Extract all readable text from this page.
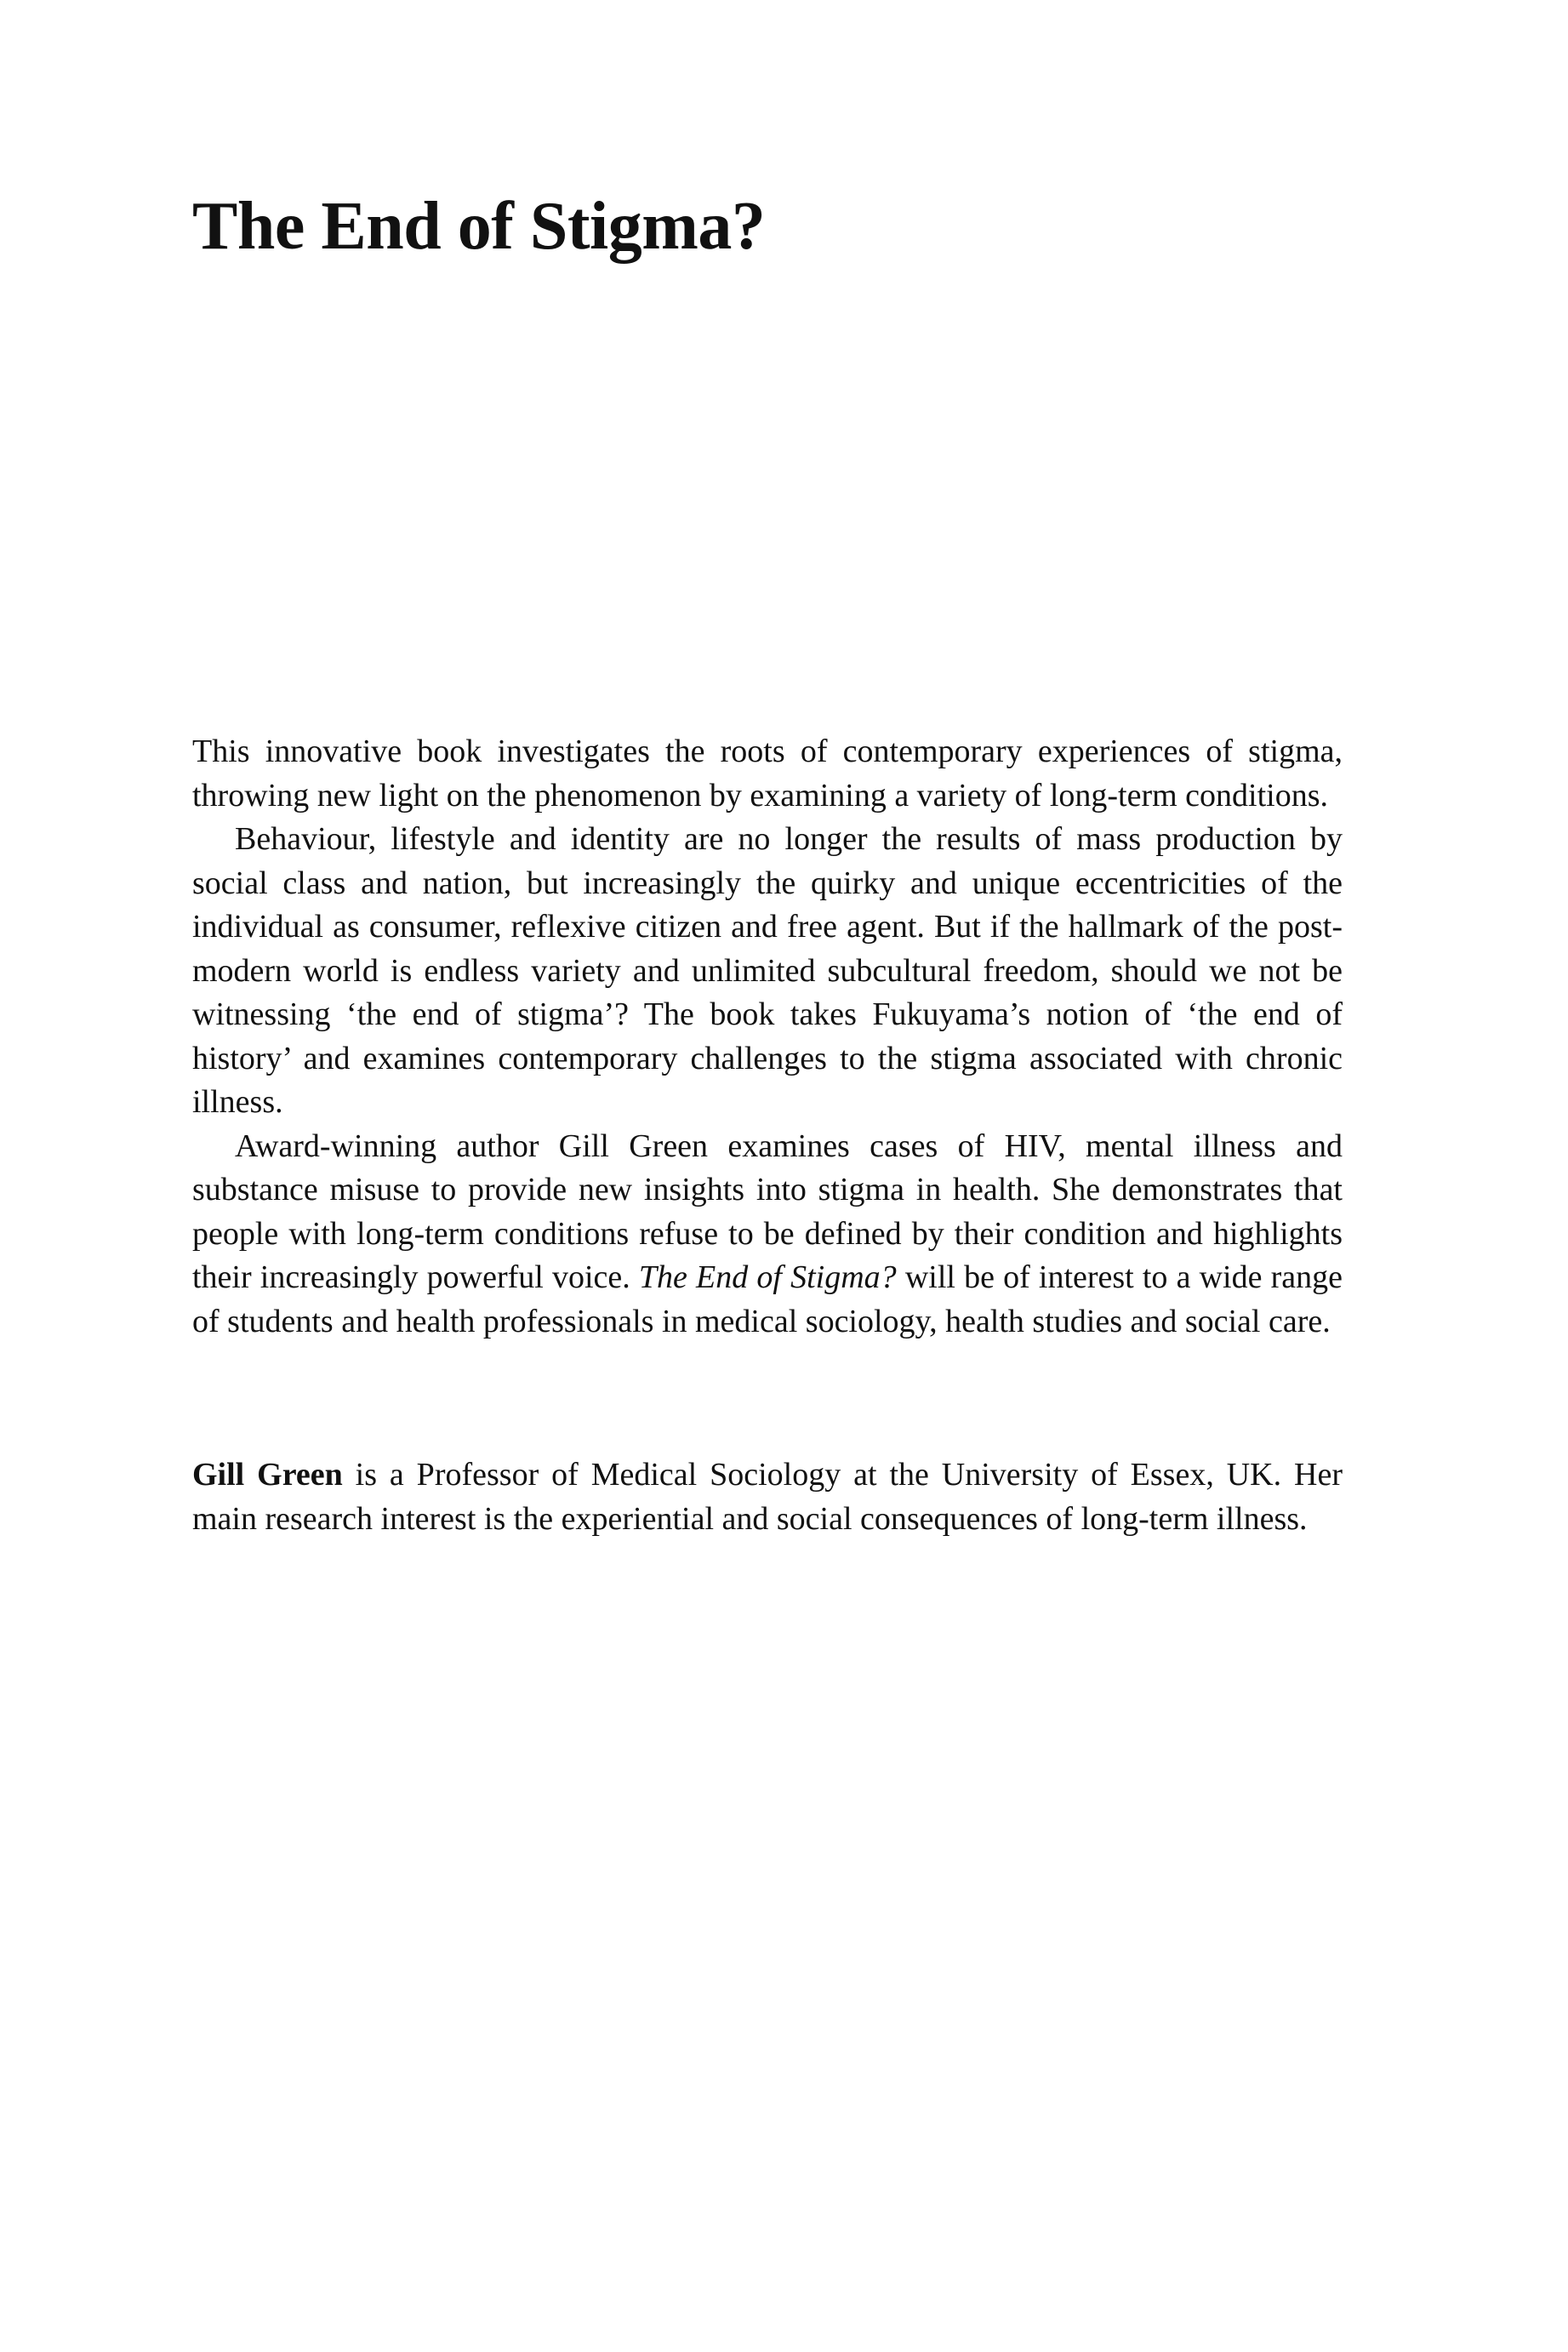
The End of Stigma?

This innovative book investigates the roots of contemporary experiences of stigma, throwing new light on the phenomenon by examining a variety of long-term conditions.

Behaviour, lifestyle and identity are no longer the results of mass production by social class and nation, but increasingly the quirky and unique eccentricities of the individual as consumer, reflexive citizen and free agent. But if the hallmark of the post-modern world is endless variety and unlimited subcultural freedom, should we not be witnessing ‘the end of stigma’? The book takes Fukuyama’s notion of ‘the end of history’ and examines contemporary challenges to the stigma associated with chronic illness.

Award-winning author Gill Green examines cases of HIV, mental illness and substance misuse to provide new insights into stigma in health. She demonstrates that people with long-term conditions refuse to be defined by their condition and highlights their increasingly powerful voice. The End of Stigma? will be of interest to a wide range of students and health professionals in medical sociology, health studies and social care.

Gill Green is a Professor of Medical Sociology at the University of Essex, UK. Her main research interest is the experiential and social consequences of long-term illness.
